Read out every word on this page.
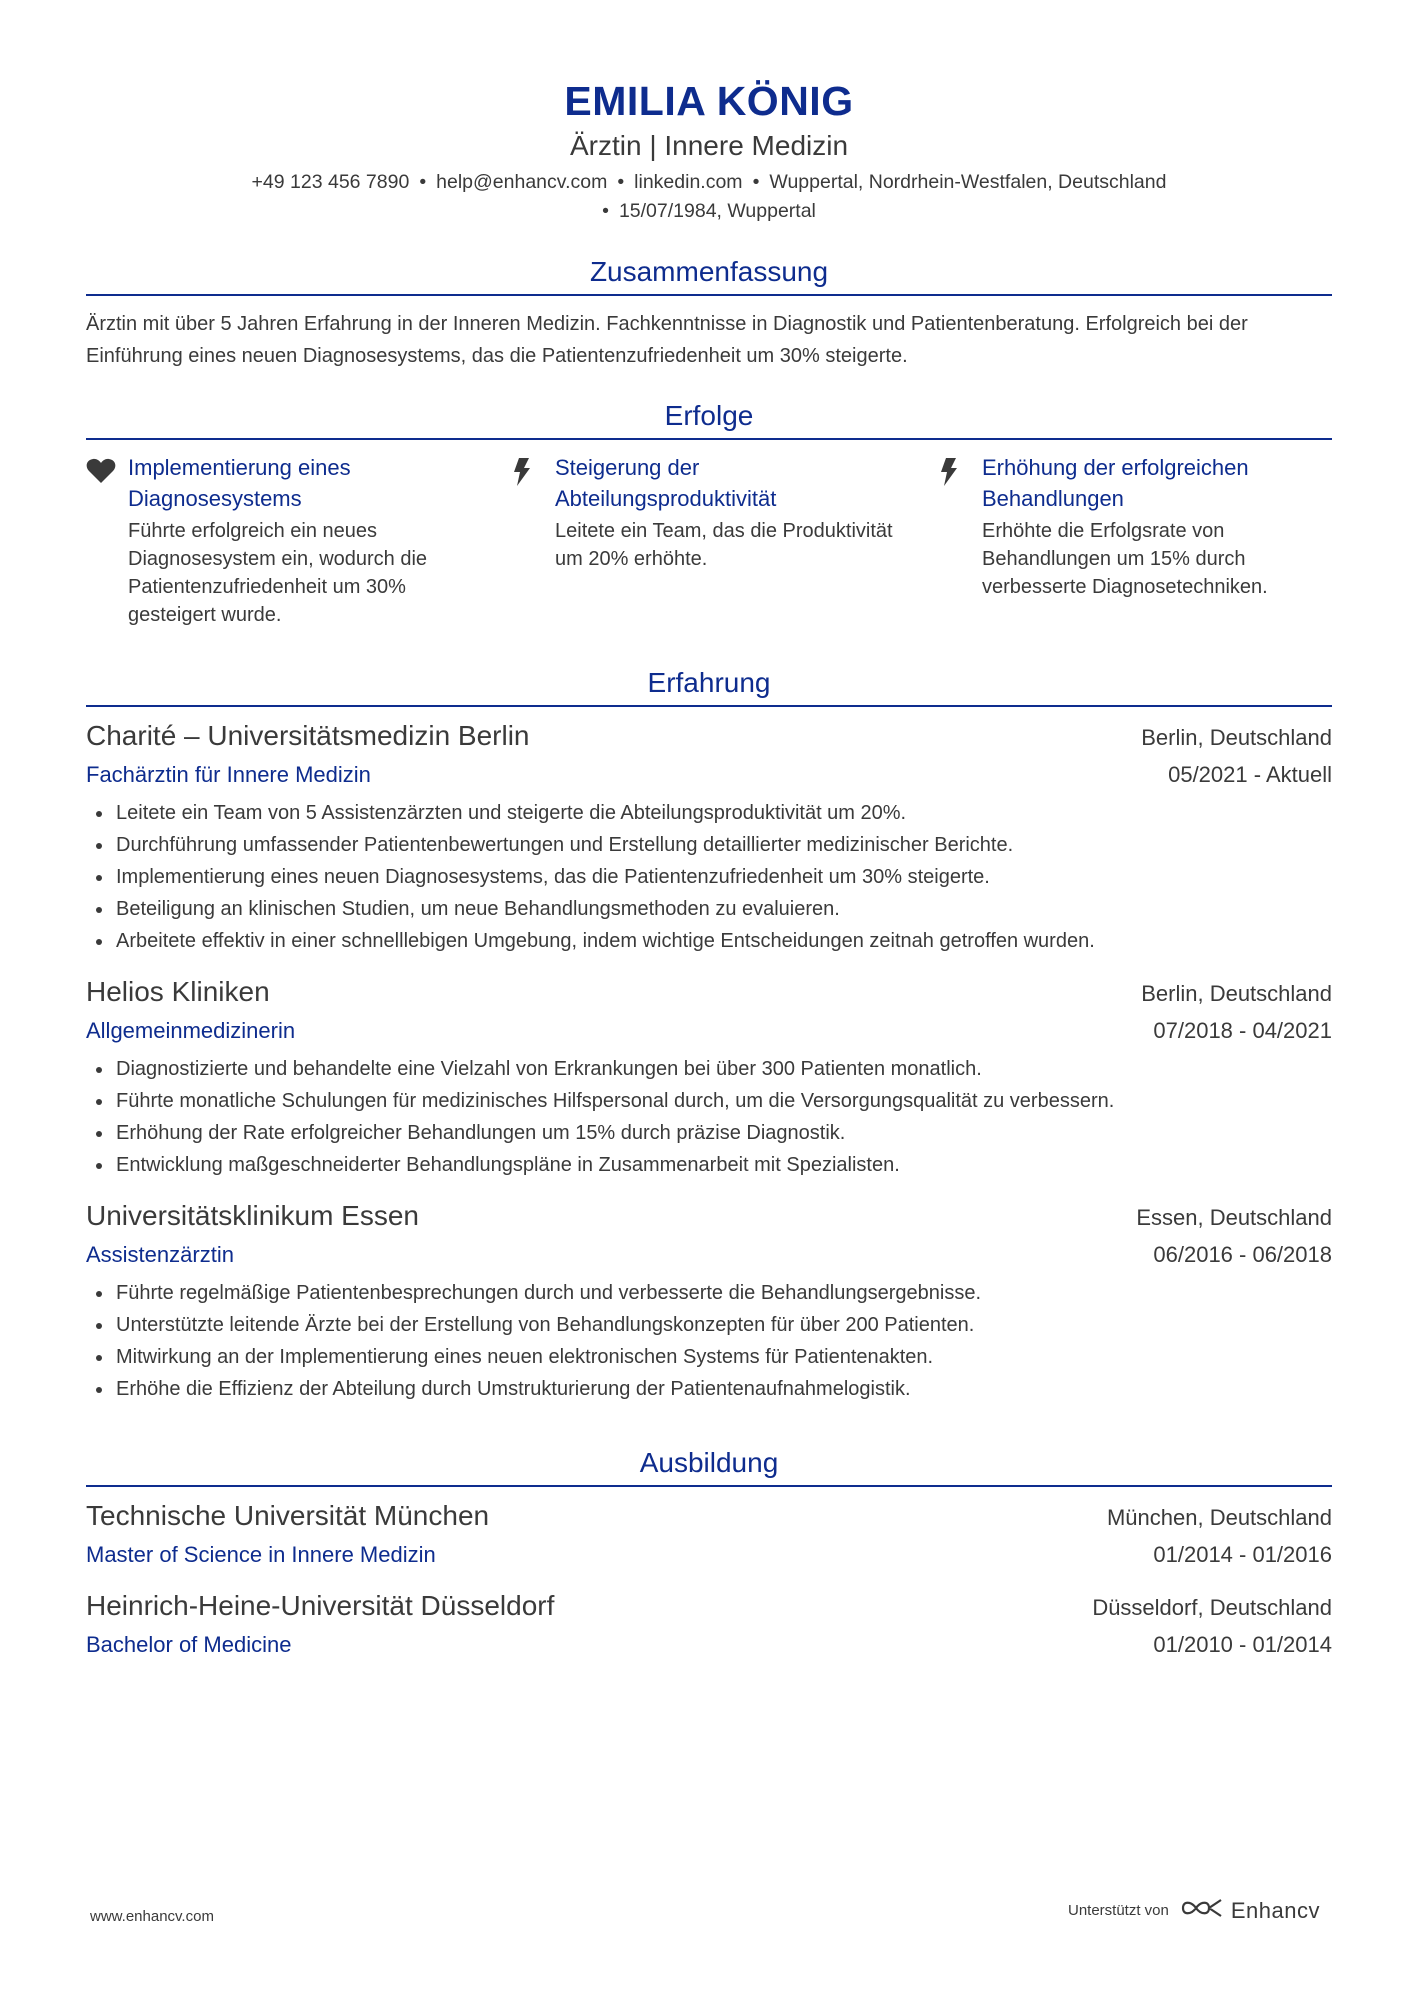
EMILIA KÖNIG
Ärztin | Innere Medizin
+49 123 456 7890 • help@enhancv.com • linkedin.com • Wuppertal, Nordrhein-Westfalen, Deutschland
• 15/07/1984, Wuppertal
Zusammenfassung
Ärztin mit über 5 Jahren Erfahrung in der Inneren Medizin. Fachkenntnisse in Diagnostik und Patientenberatung. Erfolgreich bei der Einführung eines neuen Diagnosesystems, das die Patientenzufriedenheit um 30% steigerte.
Erfolge
Implementierung eines Diagnosesystems
Führte erfolgreich ein neues Diagnosesystem ein, wodurch die Patientenzufriedenheit um 30% gesteigert wurde.
Steigerung der Abteilungsproduktivität
Leitete ein Team, das die Produktivität um 20% erhöhte.
Erhöhung der erfolgreichen Behandlungen
Erhöhte die Erfolgsrate von Behandlungen um 15% durch verbesserte Diagnosetechniken.
Erfahrung
Charité – Universitätsmedizin Berlin	Berlin, Deutschland
Fachärztin für Innere Medizin	05/2021 - Aktuell
Leitete ein Team von 5 Assistenzärzten und steigerte die Abteilungsproduktivität um 20%.
Durchführung umfassender Patientenbewertungen und Erstellung detaillierter medizinischer Berichte.
Implementierung eines neuen Diagnosesystems, das die Patientenzufriedenheit um 30% steigerte.
Beteiligung an klinischen Studien, um neue Behandlungsmethoden zu evaluieren.
Arbeitete effektiv in einer schnelllebigen Umgebung, indem wichtige Entscheidungen zeitnah getroffen wurden.
Helios Kliniken	Berlin, Deutschland
Allgemeinmedizinerin	07/2018 - 04/2021
Diagnostizierte und behandelte eine Vielzahl von Erkrankungen bei über 300 Patienten monatlich.
Führte monatliche Schulungen für medizinisches Hilfspersonal durch, um die Versorgungsqualität zu verbessern.
Erhöhung der Rate erfolgreicher Behandlungen um 15% durch präzise Diagnostik.
Entwicklung maßgeschneiderter Behandlungspläne in Zusammenarbeit mit Spezialisten.
Universitätsklinikum Essen	Essen, Deutschland
Assistenzärztin	06/2016 - 06/2018
Führte regelmäßige Patientenbesprechungen durch und verbesserte die Behandlungsergebnisse.
Unterstützte leitende Ärzte bei der Erstellung von Behandlungskonzepten für über 200 Patienten.
Mitwirkung an der Implementierung eines neuen elektronischen Systems für Patientenakten.
Erhöhe die Effizienz der Abteilung durch Umstrukturierung der Patientenaufnahmelogistik.
Ausbildung
Technische Universität München	München, Deutschland
Master of Science in Innere Medizin	01/2014 - 01/2016
Heinrich-Heine-Universität Düsseldorf	Düsseldorf, Deutschland
Bachelor of Medicine	01/2010 - 01/2014
www.enhancv.com	Unterstützt von	Enhancv
